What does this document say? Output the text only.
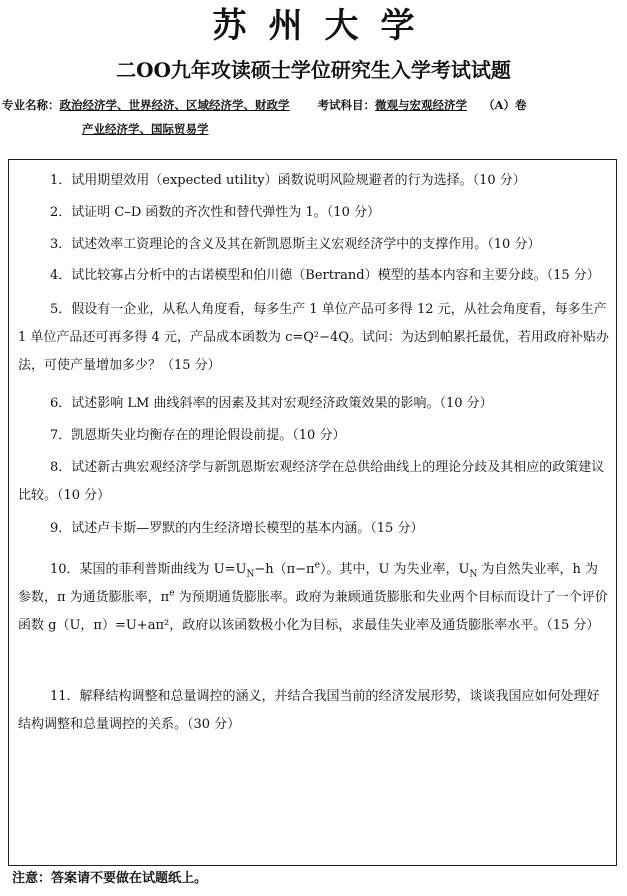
苏州大学
二OO九年攻读硕士学位研究生入学考试试题
专业名称：政治经济学、世界经济、区域经济学、财政学 考试科目：微观与宏观经济学 （A）卷
产业经济学、国际贸易学
1．试用期望效用（expected utility）函数说明风险规避者的行为选择。（10 分）
2．试证明 C–D 函数的齐次性和替代弹性为 1。（10 分）
3．试述效率工资理论的含义及其在新凯恩斯主义宏观经济学中的支撑作用。（10 分）
4．试比较寡占分析中的古诺模型和伯川德（Bertrand）模型的基本内容和主要分歧。（15 分）
5．假设有一企业，从私人角度看，每多生产 1 单位产品可多得 12 元，从社会角度看，每多生产 1 单位产品还可再多得 4 元，产品成本函数为 c=Q²−4Q。试问：为达到帕累托最优，若用政府补贴办法，可使产量增加多少？（15 分）
6．试述影响 LM 曲线斜率的因素及其对宏观经济政策效果的影响。（10 分）
7．凯恩斯失业均衡存在的理论假设前提。（10 分）
8．试述新古典宏观经济学与新凯恩斯宏观经济学在总供给曲线上的理论分歧及其相应的政策建议比较。（10 分）
9．试述卢卡斯—罗默的内生经济增长模型的基本内涵。（15 分）
10．某国的菲利普斯曲线为 $U=U_N-h(\pi-\pi^e)$。其中，U 为失业率，$U_N$ 为自然失业率，h 为参数，π 为通货膨胀率，$\pi^e$ 为预期通货膨胀率。政府为兼顾通货膨胀和失业两个目标而设计了一个评价函数 g（U，π）=U+aπ²，政府以该函数极小化为目标，求最佳失业率及通货膨胀率水平。（15 分）
11．解释结构调整和总量调控的涵义，并结合我国当前的经济发展形势，谈谈我国应如何处理好结构调整和总量调控的关系。（30 分）
注意：答案请不要做在试题纸上。
